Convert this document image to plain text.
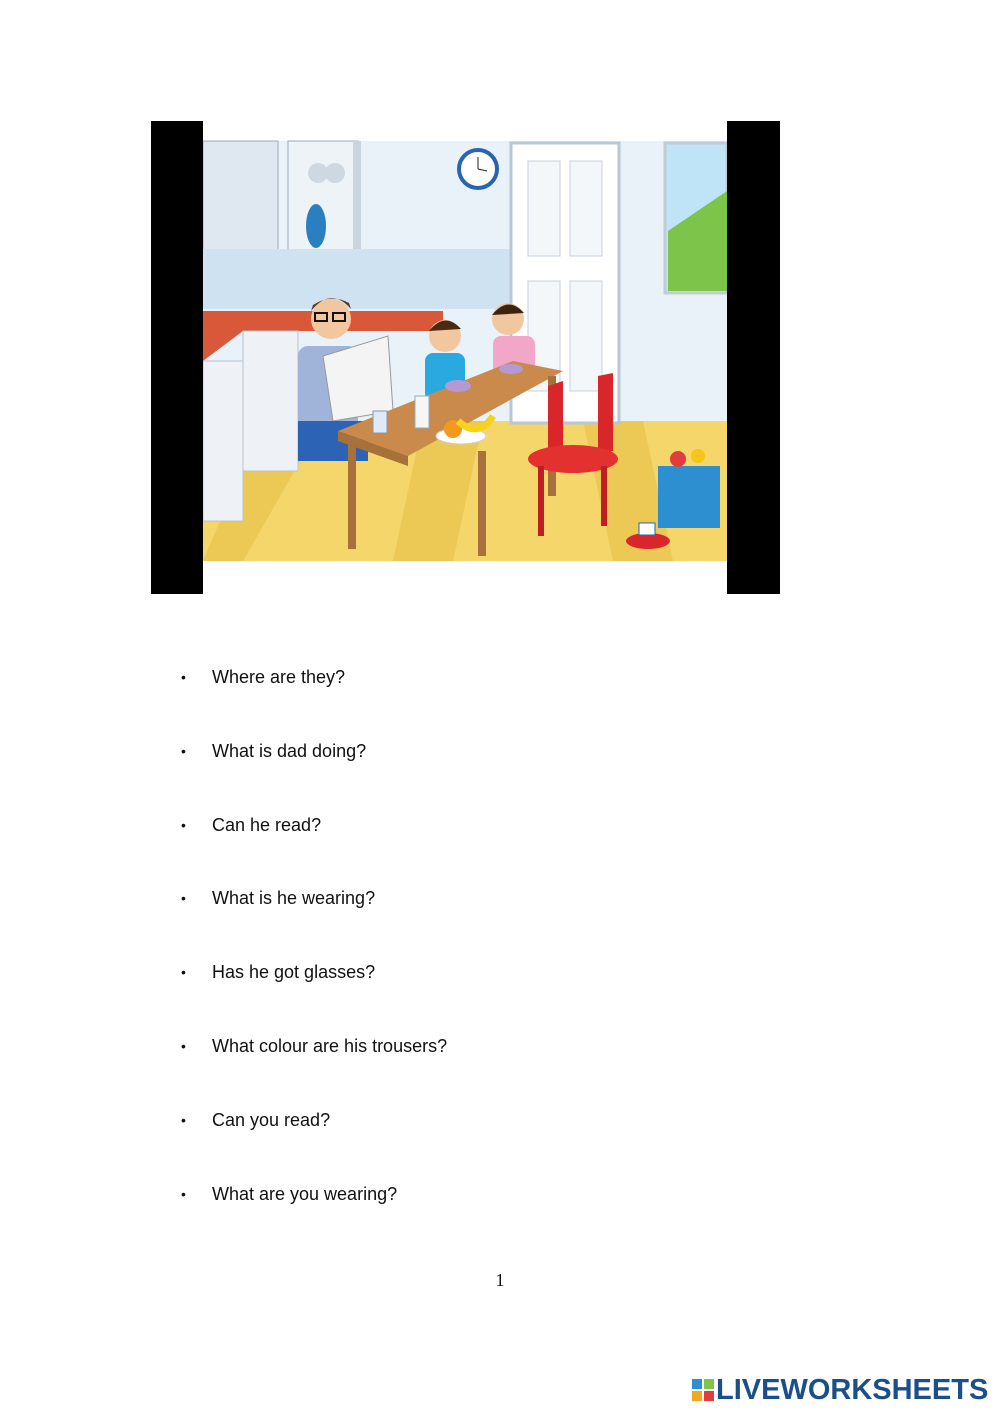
• Where are they?
• What is dad doing?
• Can he read?
• What is he wearing?
• Has he got glasses?
• What colour are his trousers?
• Can you read?
• What are you wearing?
1
LIVEWORKSHEETS
